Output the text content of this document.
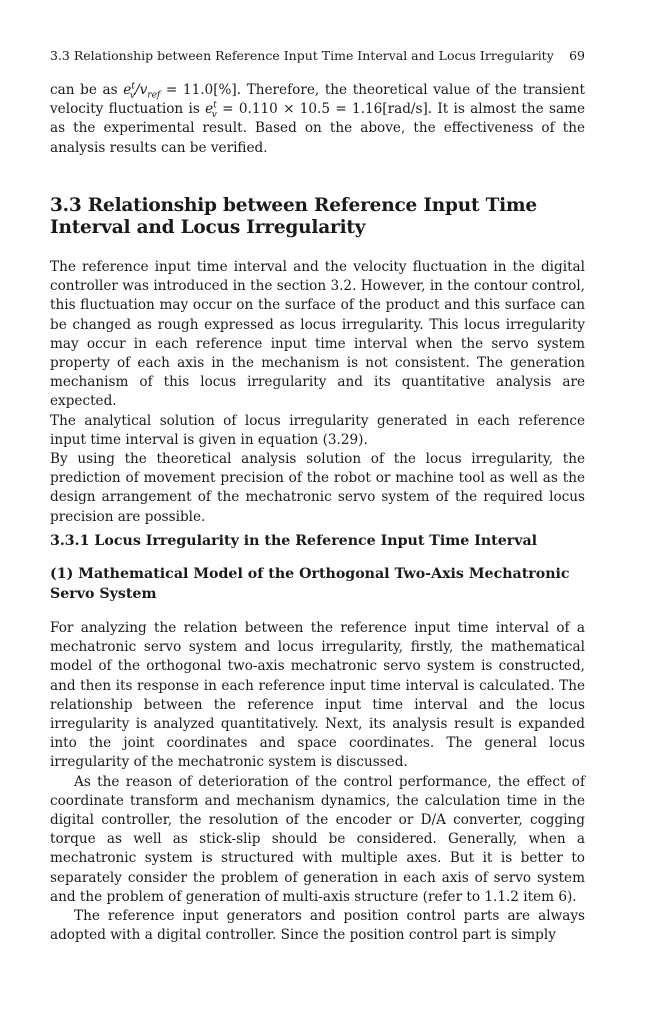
3.3 Relationship between Reference Input Time Interval and Locus Irregularity 69

can be as $e^t_v/v_{ref} = 11.0[\%]$. Therefore, the theoretical value of the transient velocity fluctuation is $e^t_v = 0.110 \times 10.5 = 1.16[rad/s]$. It is almost the same as the experimental result. Based on the above, the effectiveness of the analysis results can be verified.

3.3 Relationship between Reference Input Time Interval and Locus Irregularity

The reference input time interval and the velocity fluctuation in the digital controller was introduced in the section 3.2. However, in the contour control, this fluctuation may occur on the surface of the product and this surface can be changed as rough expressed as locus irregularity. This locus irregularity may occur in each reference input time interval when the servo system property of each axis in the mechanism is not consistent. The generation mechanism of this locus irregularity and its quantitative analysis are expected.

The analytical solution of locus irregularity generated in each reference input time interval is given in equation (3.29).

By using the theoretical analysis solution of the locus irregularity, the prediction of movement precision of the robot or machine tool as well as the design arrangement of the mechatronic servo system of the required locus precision are possible.

3.3.1 Locus Irregularity in the Reference Input Time Interval
(1) Mathematical Model of the Orthogonal Two-Axis Mechatronic Servo System

For analyzing the relation between the reference input time interval of a mechatronic servo system and locus irregularity, firstly, the mathematical model of the orthogonal two-axis mechatronic servo system is constructed, and then its response in each reference input time interval is calculated. The relationship between the reference input time interval and the locus irregularity is analyzed quantitatively. Next, its analysis result is expanded into the joint coordinates and space coordinates. The general locus irregularity of the mechatronic system is discussed.

As the reason of deterioration of the control performance, the effect of coordinate transform and mechanism dynamics, the calculation time in the digital controller, the resolution of the encoder or D/A converter, cogging torque as well as stick-slip should be considered. Generally, when a mechatronic system is structured with multiple axes. But it is better to separately consider the problem of generation in each axis of servo system and the problem of generation of multi-axis structure (refer to 1.1.2 item 6).

The reference input generators and position control parts are always adopted with a digital controller. Since the position control part is simply
